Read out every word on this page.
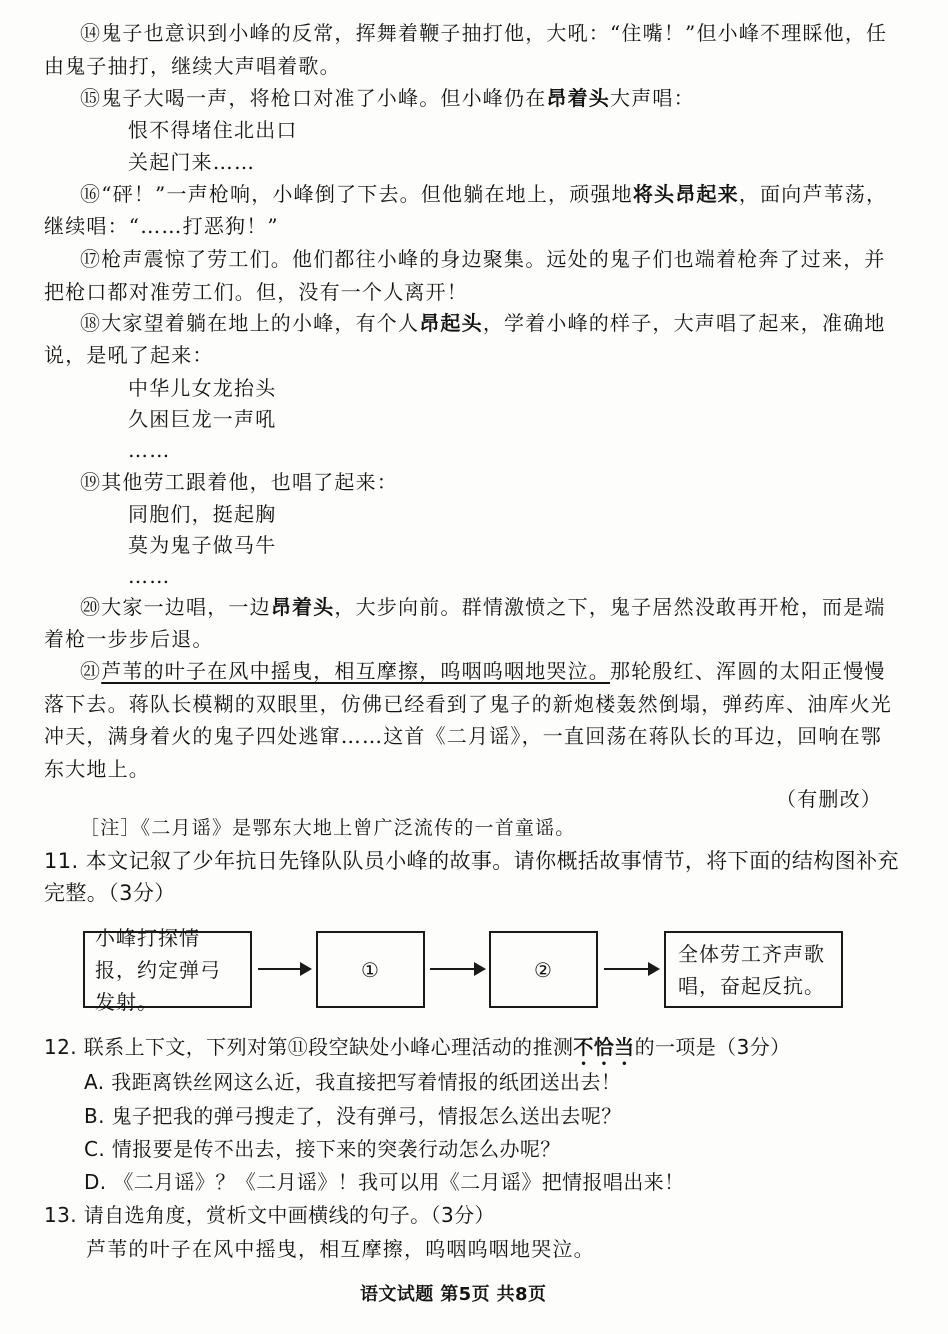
⑭鬼子也意识到小峰的反常，挥舞着鞭子抽打他，大吼：“住嘴！”但小峰不理睬他，任
由鬼子抽打，继续大声唱着歌。
⑮鬼子大喝一声，将枪口对准了小峰。但小峰仍在昂着头大声唱：
恨不得堵住北出口
关起门来……
⑯“砰！”一声枪响，小峰倒了下去。但他躺在地上，顽强地将头昂起来，面向芦苇荡，
继续唱：“……打恶狗！”
⑰枪声震惊了劳工们。他们都往小峰的身边聚集。远处的鬼子们也端着枪奔了过来，并
把枪口都对准劳工们。但，没有一个人离开！
⑱大家望着躺在地上的小峰，有个人昂起头，学着小峰的样子，大声唱了起来，准确地
说，是吼了起来：
中华儿女龙抬头
久困巨龙一声吼
……
⑲其他劳工跟着他，也唱了起来：
同胞们，挺起胸
莫为鬼子做马牛
……
⑳大家一边唱，一边昂着头，大步向前。群情激愤之下，鬼子居然没敢再开枪，而是端
着枪一步步后退。
㉑芦苇的叶子在风中摇曳，相互摩擦，呜咽呜咽地哭泣。那轮殷红、浑圆的太阳正慢慢
落下去。蒋队长模糊的双眼里，仿佛已经看到了鬼子的新炮楼轰然倒塌，弹药库、油库火光
冲天，满身着火的鬼子四处逃窜……这首《二月谣》，一直回荡在蒋队长的耳边，回响在鄂
东大地上。
（有删改）
［注］《二月谣》是鄂东大地上曾广泛流传的一首童谣。
11. 本文记叙了少年抗日先锋队队员小峰的故事。请你概括故事情节，将下面的结构图补充
完整。（3分）
小峰打探情报，约定弹弓发射。
①	②
全体劳工齐声歌唱，奋起反抗。
12. 联系上下文，下列对第⑪段空缺处小峰心理活动的推测不恰当的一项是（3分）
A. 我距离铁丝网这么近，我直接把写着情报的纸团送出去！
B. 鬼子把我的弹弓搜走了，没有弹弓，情报怎么送出去呢？
C. 情报要是传不出去，接下来的突袭行动怎么办呢？
D. 《二月谣》？《二月谣》！我可以用《二月谣》把情报唱出来！
13. 请自选角度，赏析文中画横线的句子。（3分）
芦苇的叶子在风中摇曳，相互摩擦，呜咽呜咽地哭泣。
语文试题 第5页 共8页
